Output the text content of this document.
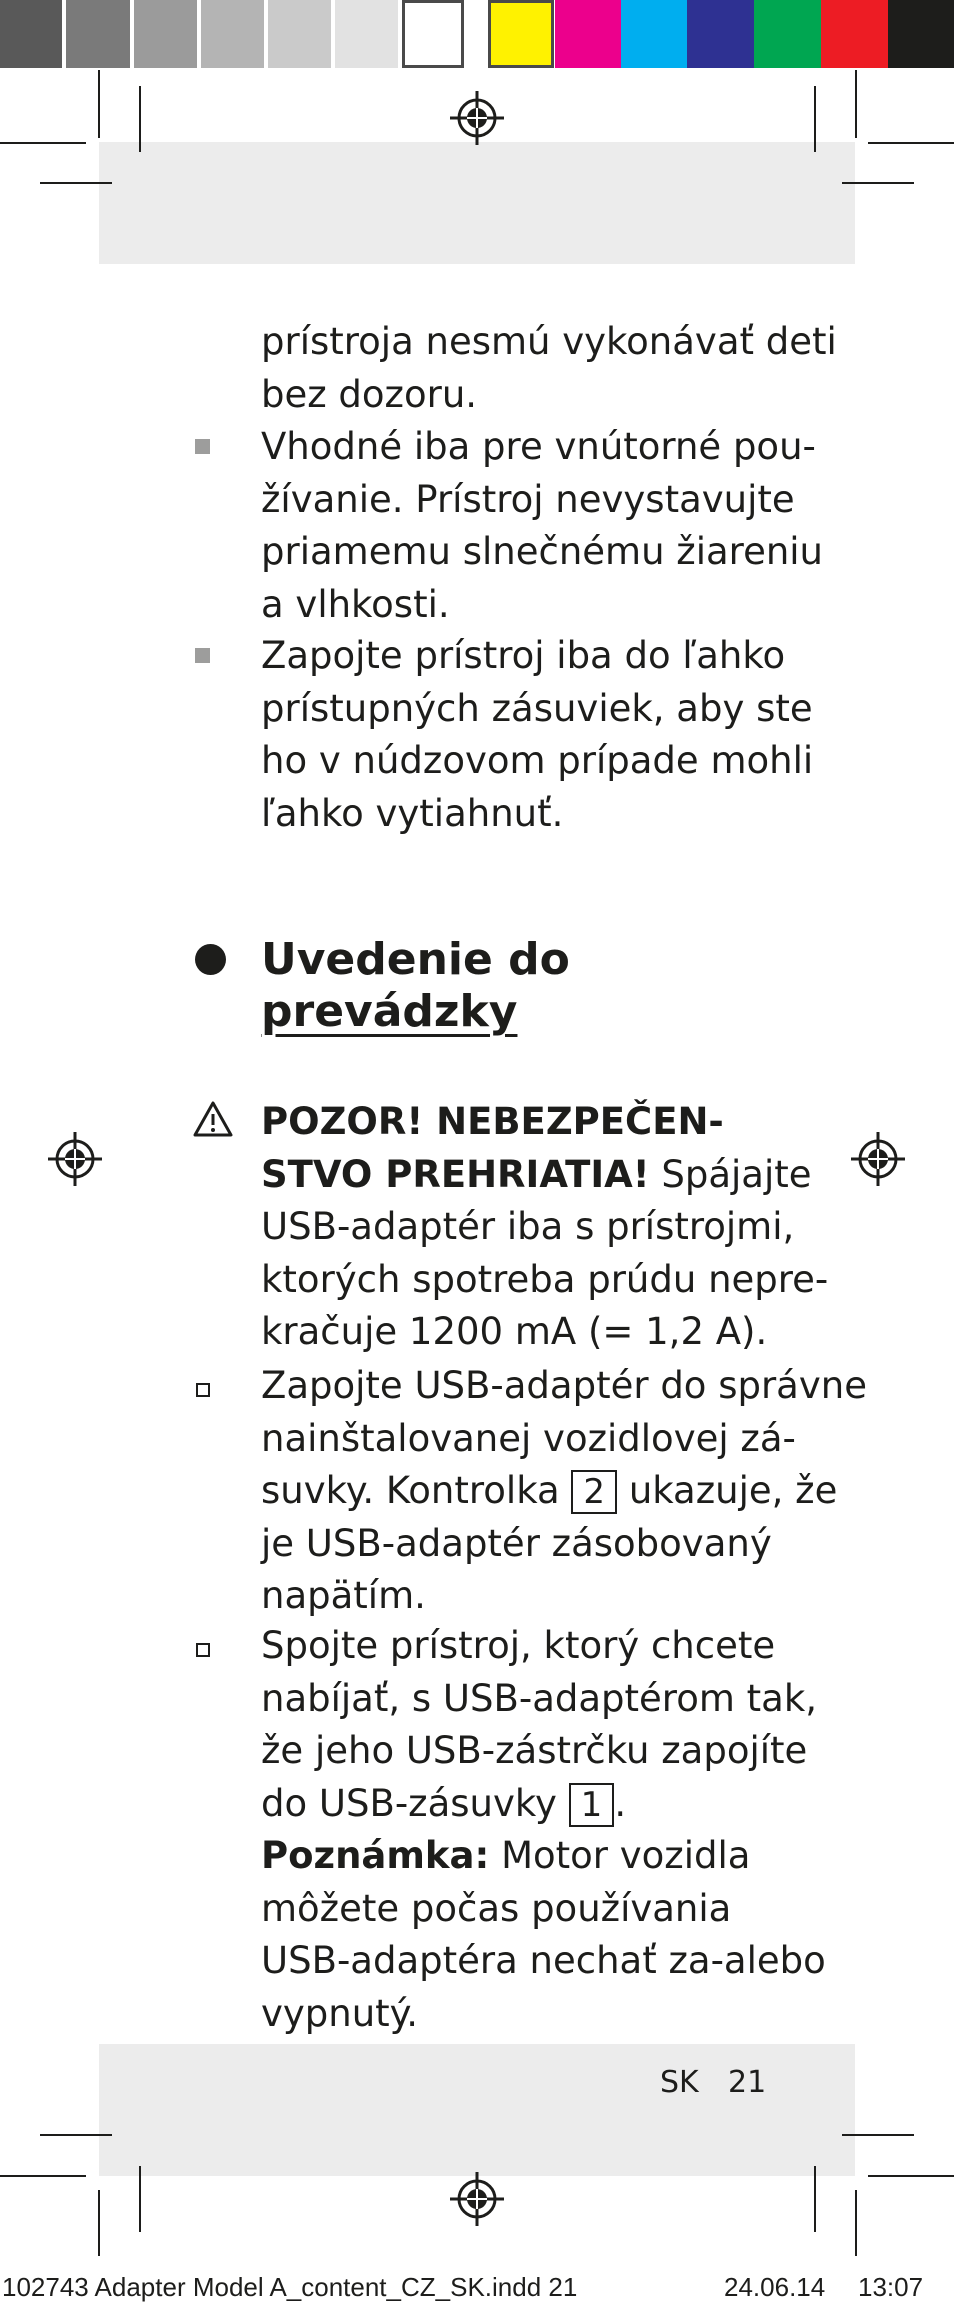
prístroja nesmú vykonávať deti
bez dozoru.

Vhodné iba pre vnútorné pou-
žívanie. Prístroj nevystavujte
priamemu slnečnému žiareniu
a vlhkosti.

Zapojte prístroj iba do ľahko
prístupných zásuviek, aby ste
ho v núdzovom prípade mohli
ľahko vytiahnuť.

Uvedenie do
prevádzky

POZOR! NEBEZPEČEN-
STVO PREHRIATIA! Spájajte
USB-adaptér iba s prístrojmi,
ktorých spotreba prúdu nepre-
kračuje 1200 mA (= 1,2 A).

Zapojte USB-adaptér do správne
nainštalovanej vozidlovej zá-
suvky. Kontrolka 2 ukazuje, že
je USB-adaptér zásobovaný
napätím.

Spojte prístroj, ktorý chcete
nabíjať, s USB-adaptérom tak,
že jeho USB-zástrčku zapojíte
do USB-zásuvky 1 .
Poznámka: Motor vozidla
môžete počas používania
USB-adaptéra nechať za-alebo
vypnutý.

SK 21
102743 Adapter Model A_content_CZ_SK.indd 21	24.06.14 13:07
